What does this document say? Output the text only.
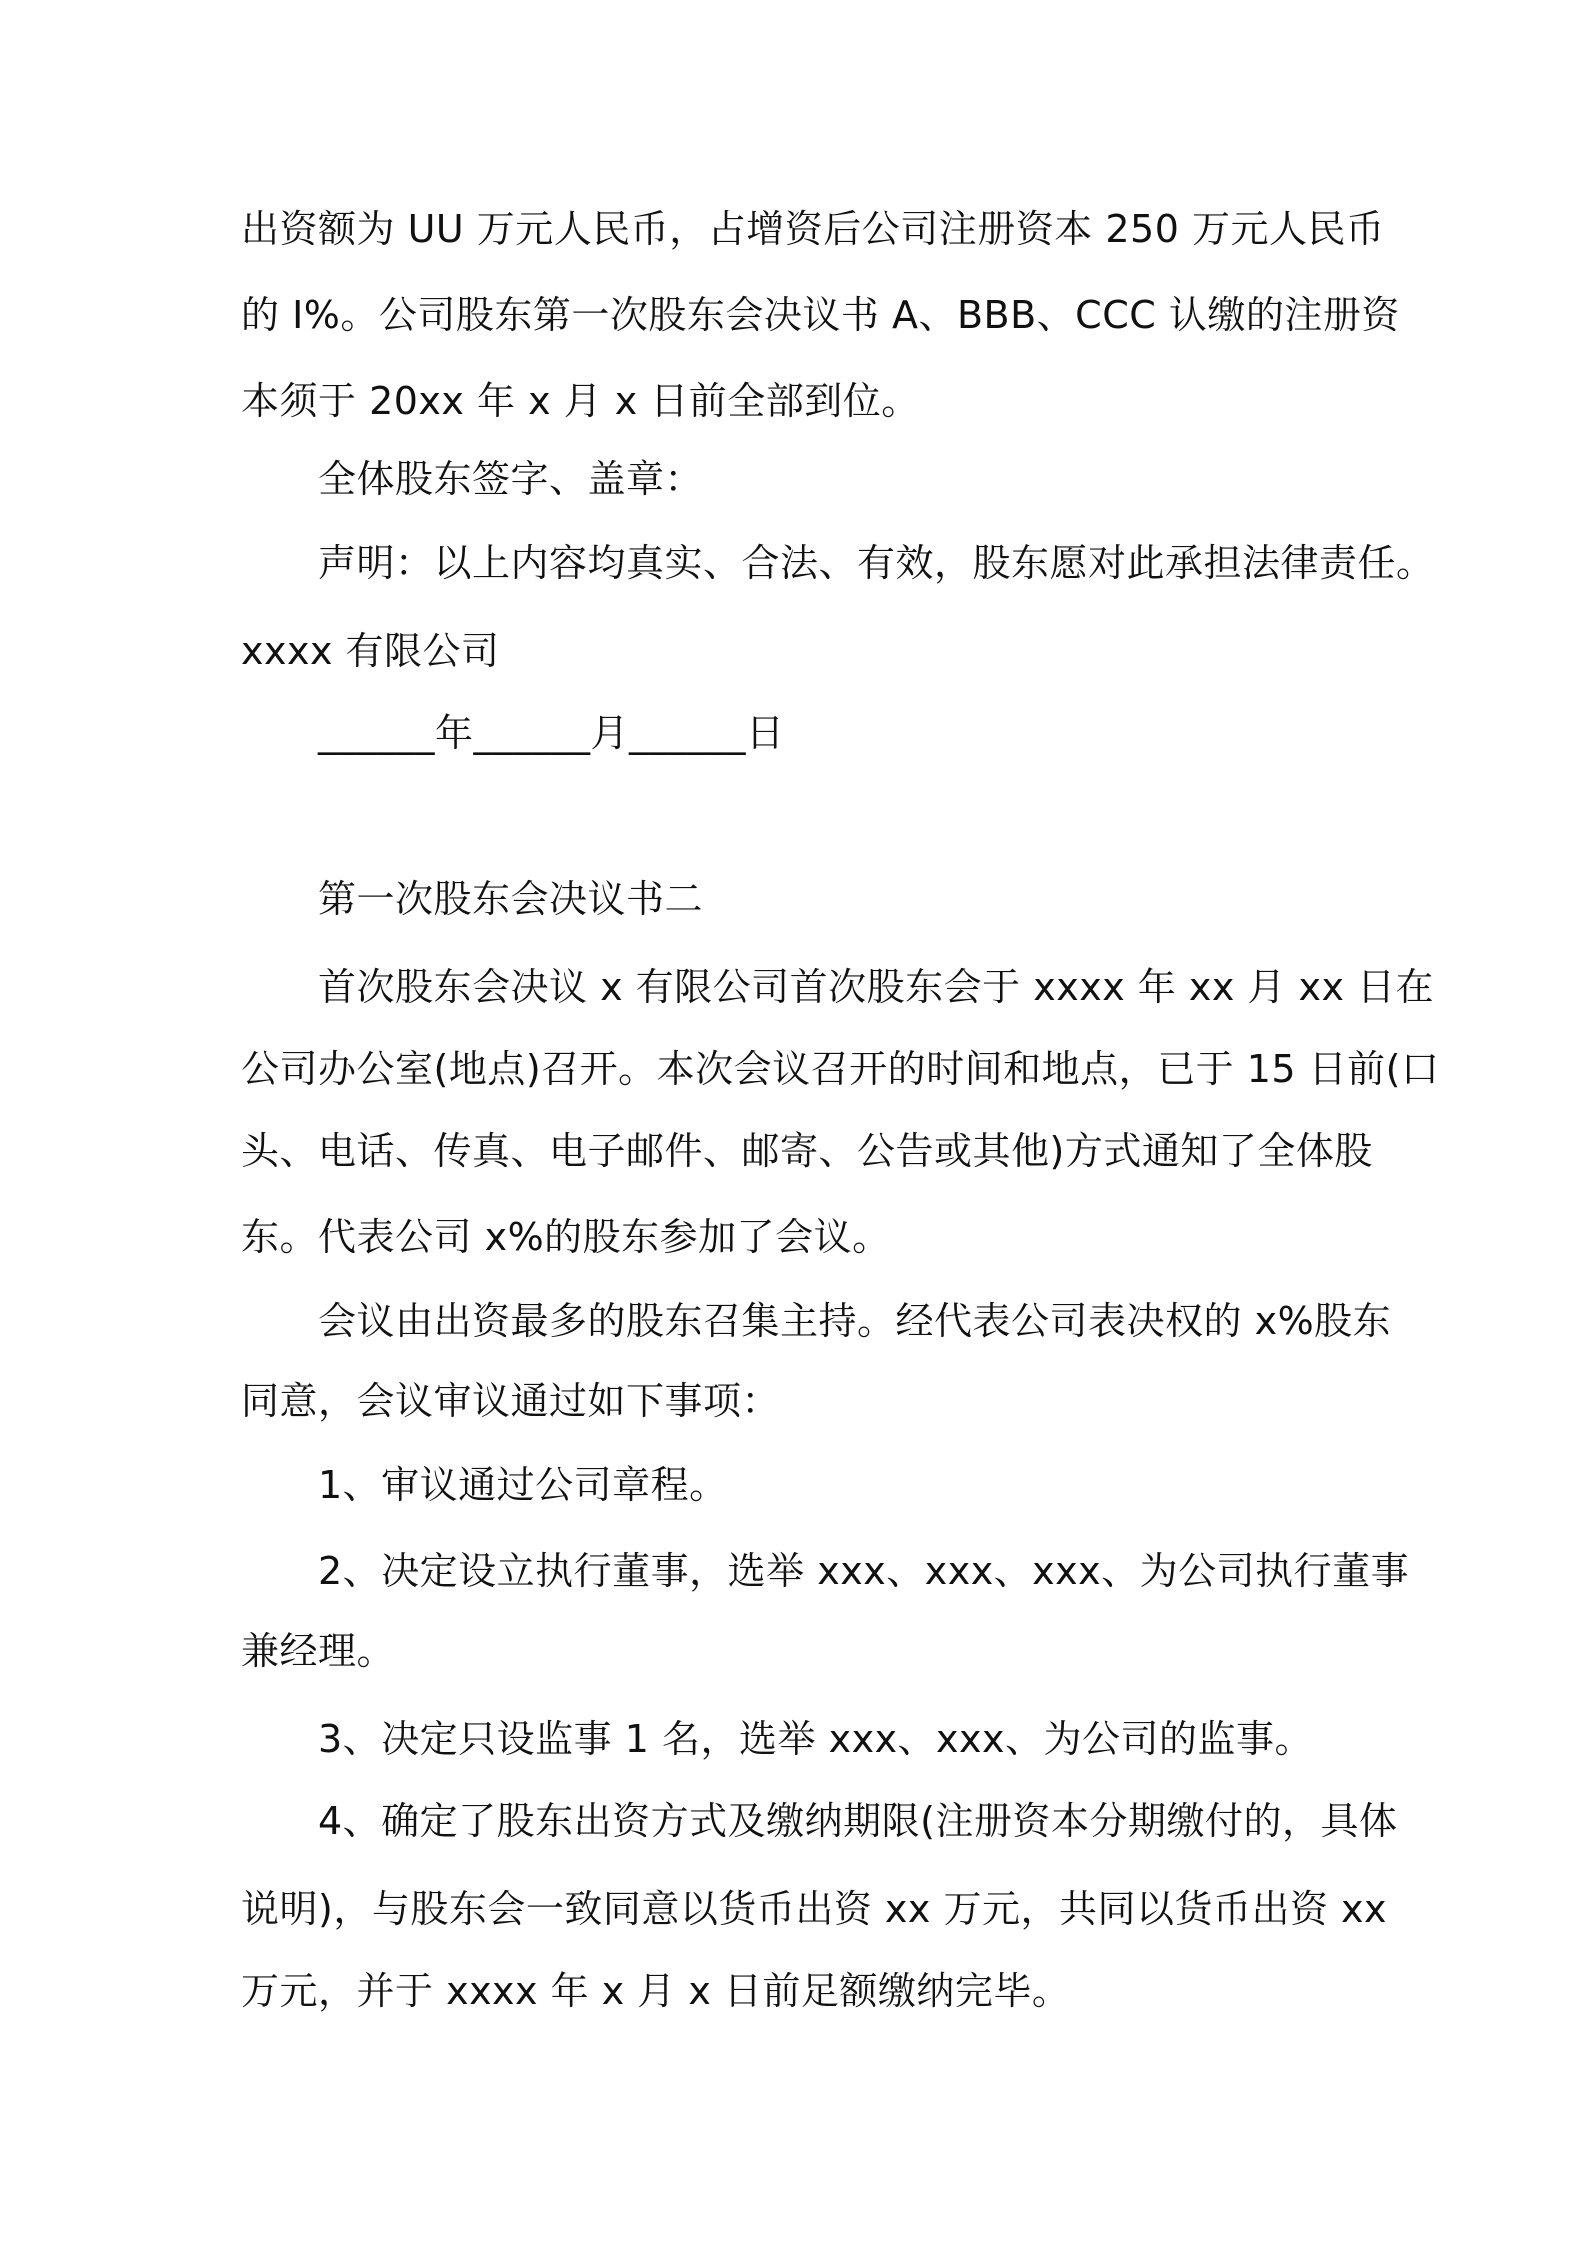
出资额为 UU 万元人民币，占增资后公司注册资本 250 万元人民币
的 I%。公司股东第一次股东会决议书 A、BBB、CCC 认缴的注册资
本须于 20xx 年 x 月 x 日前全部到位。
全体股东签字、盖章：
声明：以上内容均真实、合法、有效，股东愿对此承担法律责任。
xxxx 有限公司
______年______月______日
第一次股东会决议书二
首次股东会决议 x 有限公司首次股东会于 xxxx 年 xx 月 xx 日在
公司办公室(地点)召开。本次会议召开的时间和地点，已于 15 日前(口
头、电话、传真、电子邮件、邮寄、公告或其他)方式通知了全体股
东。代表公司 x%的股东参加了会议。
会议由出资最多的股东召集主持。经代表公司表决权的 x%股东
同意，会议审议通过如下事项：
1、审议通过公司章程。
2、决定设立执行董事，选举 xxx、xxx、xxx、为公司执行董事
兼经理。
3、决定只设监事 1 名，选举 xxx、xxx、为公司的监事。
4、确定了股东出资方式及缴纳期限(注册资本分期缴付的，具体
说明)，与股东会一致同意以货币出资 xx 万元，共同以货币出资 xx
万元，并于 xxxx 年 x 月 x 日前足额缴纳完毕。
